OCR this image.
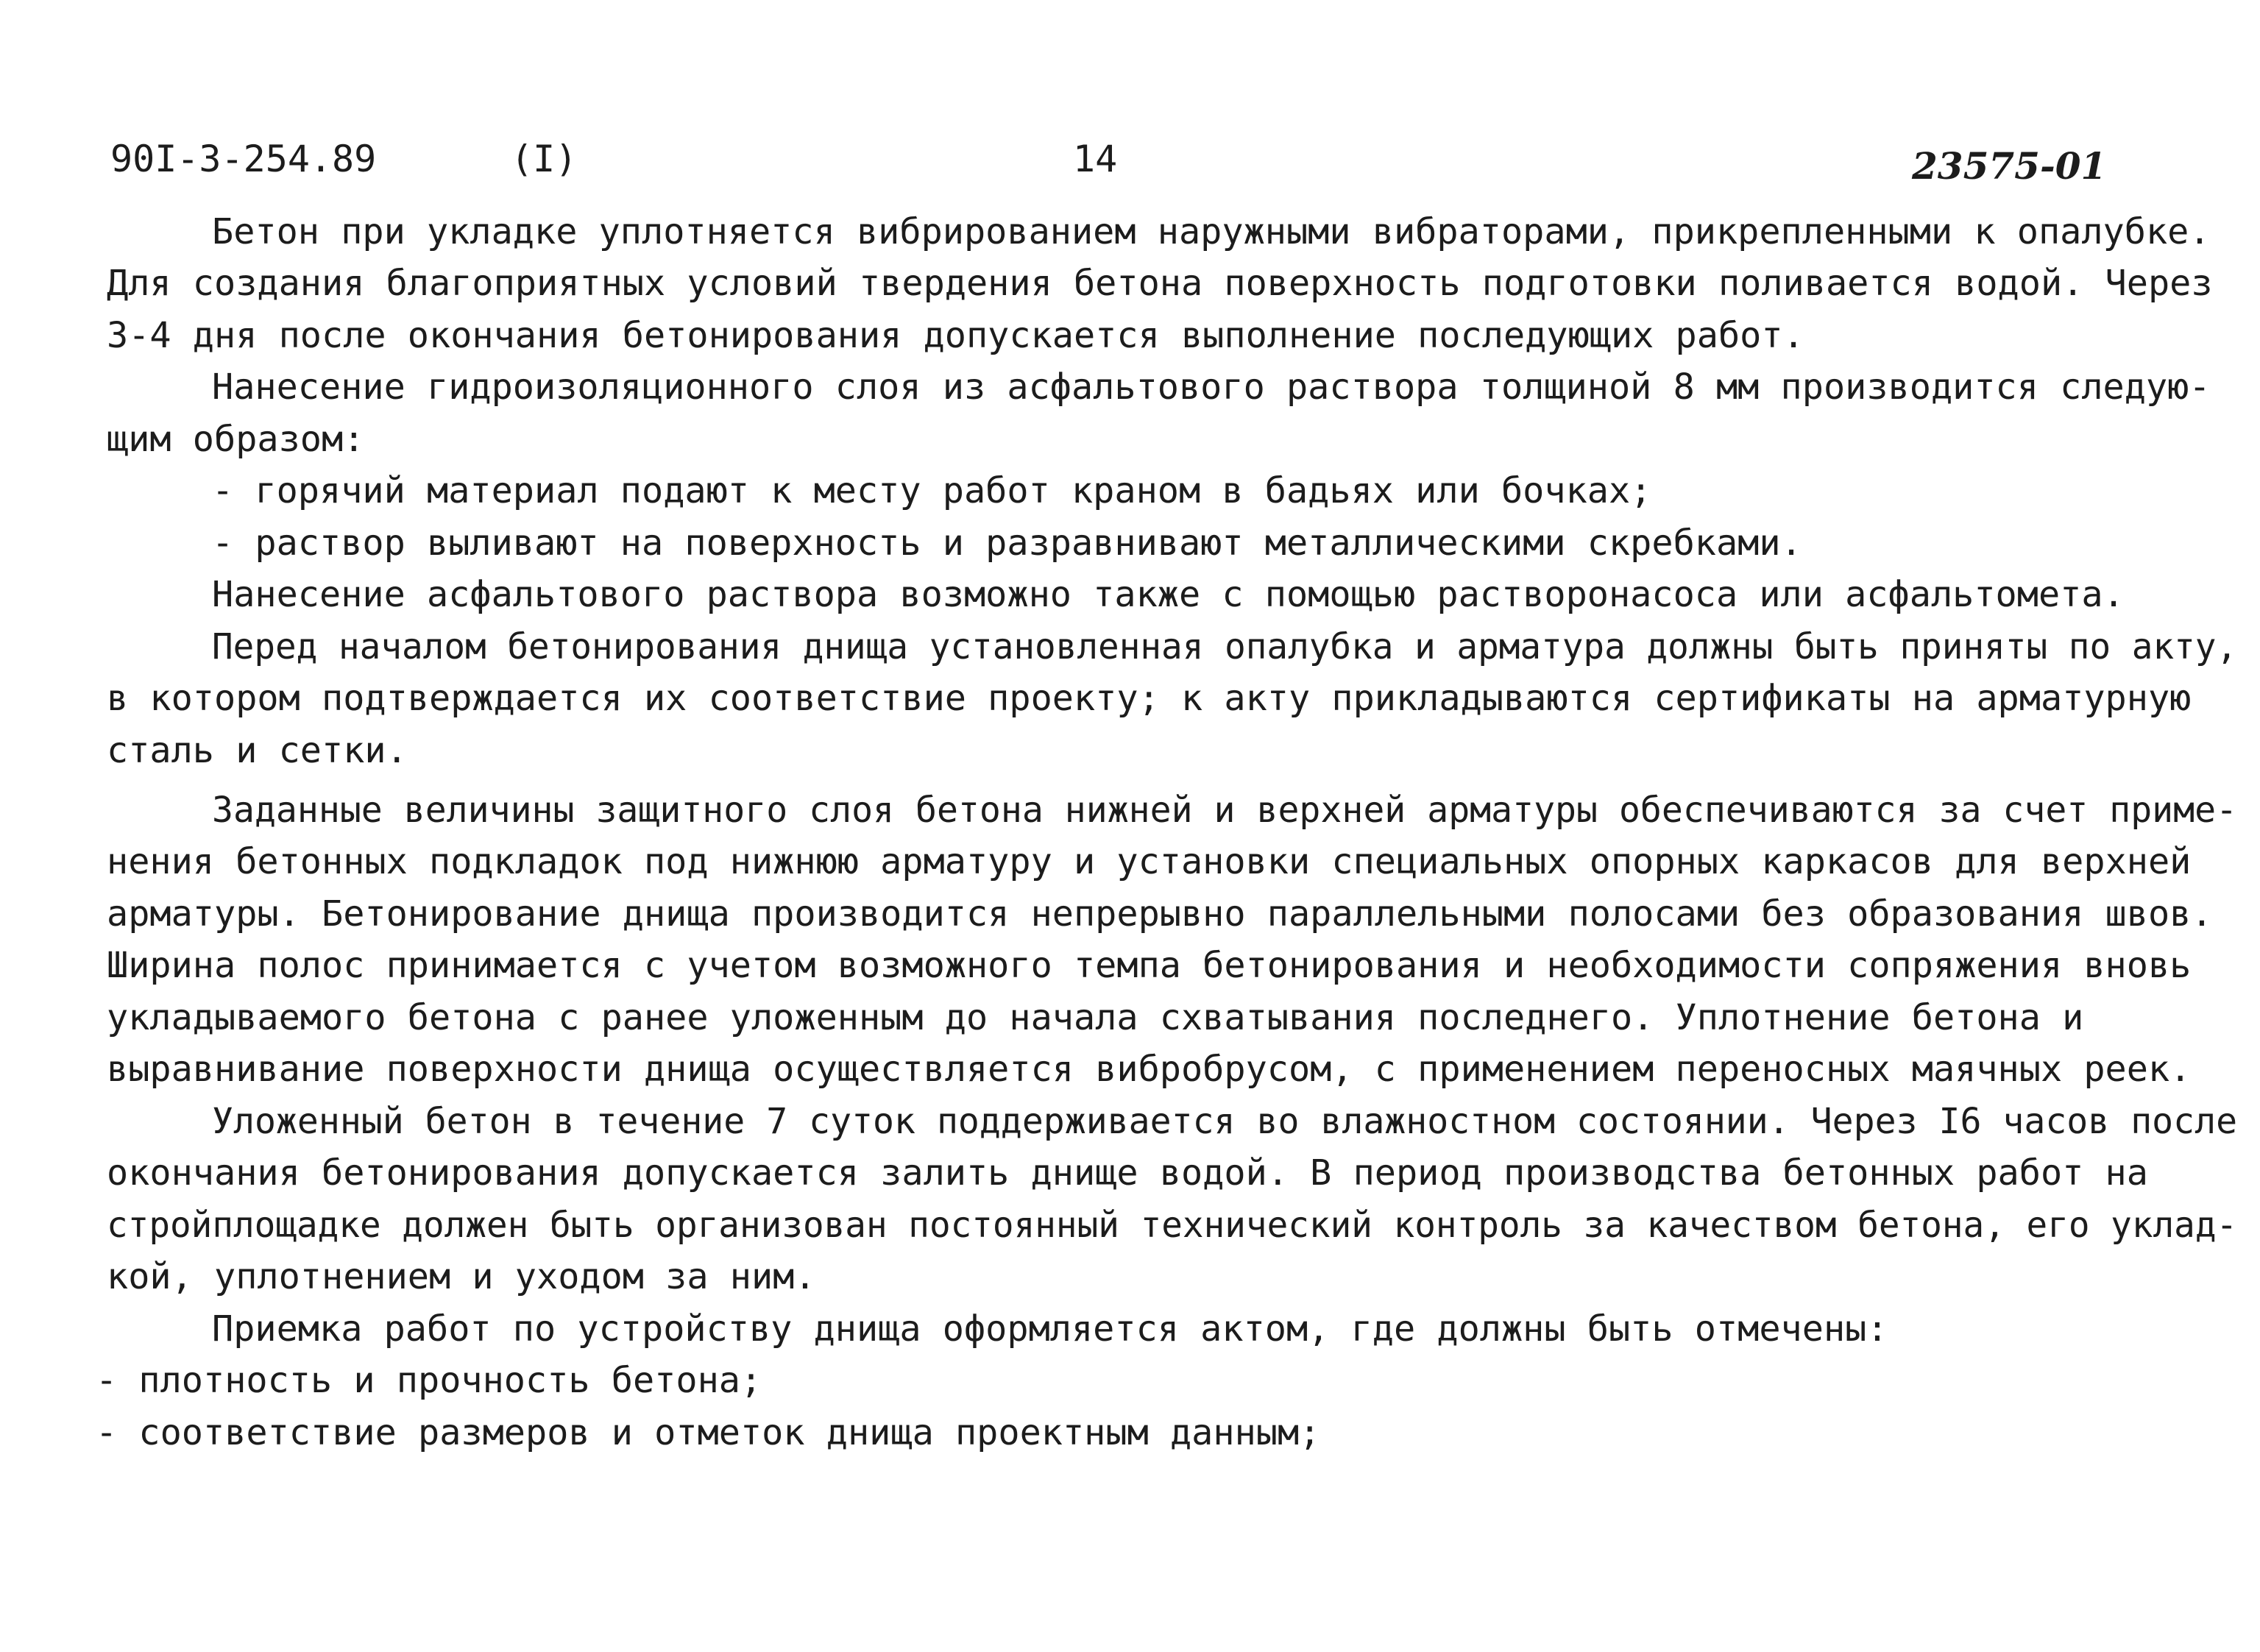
90I-3-254.89	(I)	14	23575-01
Бетон при укладке уплотняется вибрированием наружными вибраторами, прикрепленными к опалубке.
Для создания благоприятных условий твердения бетона поверхность подготовки поливается водой. Через
3-4 дня после окончания бетонирования допускается выполнение последующих работ.
Нанесение гидроизоляционного слоя из асфальтового раствора толщиной 8 мм производится следую-
щим образом:
- горячий материал подают к месту работ краном в бадьях или бочках;
- раствор выливают на поверхность и разравнивают металлическими скребками.
Нанесение асфальтового раствора возможно также с помощью растворонасоса или асфальтомета.
Перед началом бетонирования днища установленная опалубка и арматура должны быть приняты по акту,
в котором подтверждается их соответствие проекту; к акту прикладываются сертификаты на арматурную
сталь и сетки.
Заданные величины защитного слоя бетона нижней и верхней арматуры обеспечиваются за счет приме-
нения бетонных подкладок под нижнюю арматуру и установки специальных опорных каркасов для верхней
арматуры. Бетонирование днища производится непрерывно параллельными полосами без образования швов.
Ширина полос принимается с учетом возможного темпа бетонирования и необходимости сопряжения вновь
укладываемого бетона с ранее уложенным до начала схватывания последнего. Уплотнение бетона и
выравнивание поверхности днища осуществляется вибробрусом, с применением переносных маячных реек.
Уложенный бетон в течение 7 суток поддерживается во влажностном состоянии. Через I6 часов после
окончания бетонирования допускается залить днище водой. В период производства бетонных работ на
стройплощадке должен быть организован постоянный технический контроль за качеством бетона, его уклад-
кой, уплотнением и уходом за ним.
Приемка работ по устройству днища оформляется актом, где должны быть отмечены:
- плотность и прочность бетона;
- соответствие размеров и отметок днища проектным данным;
